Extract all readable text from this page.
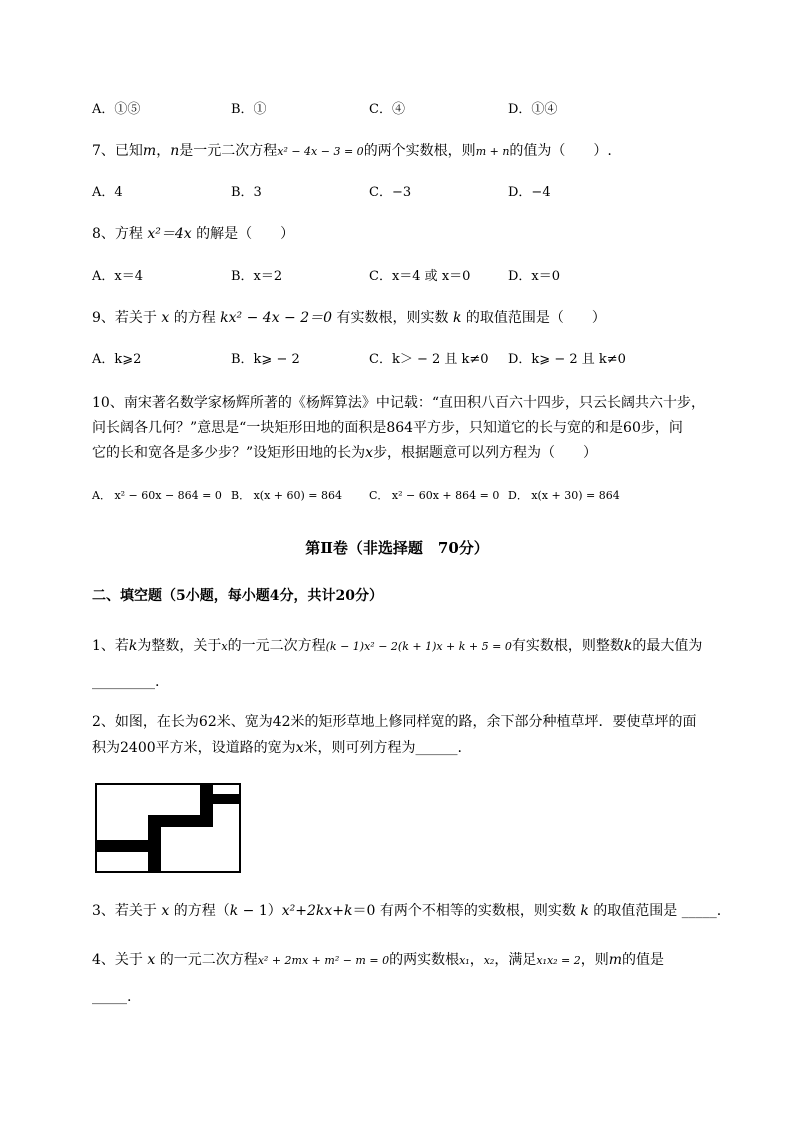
A．①⑤	B．①	C．④	D．①④
7、已知m，n是一元二次方程x² − 4x − 3 = 0的两个实数根，则m + n的值为（　　）.
A．4	B．3	C．−3	D．−4
8、方程 x²＝4x 的解是（　　）
A．x＝4	B．x＝2	C．x＝4 或 x＝0	D．x＝0
9、若关于 x 的方程 kx² − 4x − 2＝0 有实数根，则实数 k 的取值范围是（　　）
A．k⩾2	B．k⩾ − 2	C．k＞ − 2 且 k≠0 D．k⩾ − 2 且 k≠0
10、南宋著名数学家杨辉所著的《杨辉算法》中记载：“直田积八百六十四步，只云长阔共六十步，
问长阔各几何？”意思是“一块矩形田地的面积是864平方步，只知道它的长与宽的和是60步，问
它的长和宽各是多少步？”设矩形田地的长为x步，根据题意可以列方程为（　　）
A． x² − 60x − 864 = 0 B． x(x + 60) = 864 C． x² − 60x + 864 = 0 D． x(x + 30) = 864
第Ⅱ卷（非选择题　70分）
二、填空题（5小题，每小题4分，共计20分）
1、若k为整数，关于x的一元二次方程(k − 1)x² − 2(k + 1)x + k + 5 = 0有实数根，则整数k的最大值为
_________.
2、如图，在长为62米、宽为42米的矩形草地上修同样宽的路，余下部分种植草坪．要使草坪的面
积为2400平方米，设道路的宽为x米，则可列方程为______.
3、若关于 x 的方程（k − 1）x²+2kx+k＝0 有两个不相等的实数根，则实数 k 的取值范围是 _____.
4、关于 x 的一元二次方程x² + 2mx + m² − m = 0的两实数根x₁，x₂，满足x₁x₂ = 2，则m的值是
_____.
